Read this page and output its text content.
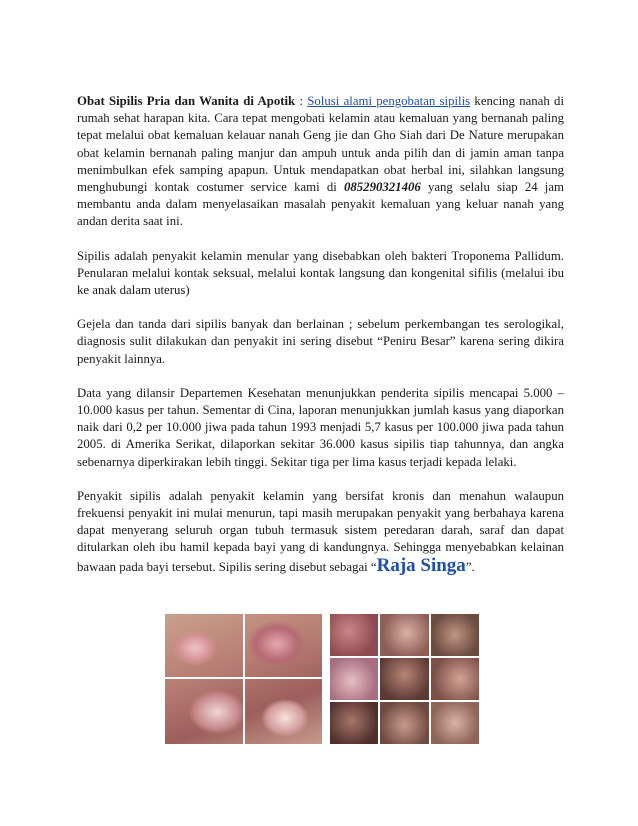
Obat Sipilis Pria dan Wanita di Apotik : Solusi alami pengobatan sipilis kencing nanah di rumah sehat harapan kita. Cara tepat mengobati kelamin atau kemaluan yang bernanah paling tepat melalui obat kemaluan kelauar nanah Geng jie dan Gho Siah dari De Nature merupakan obat kelamin bernanah paling manjur dan ampuh untuk anda pilih dan di jamin aman tanpa menimbulkan efek samping apapun. Untuk mendapatkan obat herbal ini, silahkan langsung menghubungi kontak costumer service kami di 085290321406 yang selalu siap 24 jam membantu anda dalam menyelasaikan masalah penyakit kemaluan yang keluar nanah yang andan derita saat ini.

Sipilis adalah penyakit kelamin menular yang disebabkan oleh bakteri Troponema Pallidum. Penularan melalui kontak seksual, melalui kontak langsung dan kongenital sifilis (melalui ibu ke anak dalam uterus)

Gejela dan tanda dari sipilis banyak dan berlainan ; sebelum perkembangan tes serologikal, diagnosis sulit dilakukan dan penyakit ini sering disebut “Peniru Besar” karena sering dikira penyakit lainnya.

Data yang dilansir Departemen Kesehatan menunjukkan penderita sipilis mencapai 5.000 – 10.000 kasus per tahun. Sementar di Cina, laporan menunjukkan jumlah kasus yang diaporkan naik dari 0,2 per 10.000 jiwa pada tahun 1993 menjadi 5,7 kasus per 100.000 jiwa pada tahun 2005. di Amerika Serikat, dilaporkan sekitar 36.000 kasus sipilis tiap tahunnya, dan angka sebenarnya diperkirakan lebih tinggi. Sekitar tiga per lima kasus terjadi kepada lelaki.

Penyakit sipilis adalah penyakit kelamin yang bersifat kronis dan menahun walaupun frekuensi penyakit ini mulai menurun, tapi masih merupakan penyakit yang berbahaya karena dapat menyerang seluruh organ tubuh termasuk sistem peredaran darah, saraf dan dapat ditularkan oleh ibu hamil kepada bayi yang di kandungnya. Sehingga menyebabkan kelainan bawaan pada bayi tersebut. Sipilis sering disebut sebagai “Raja Singa”.
